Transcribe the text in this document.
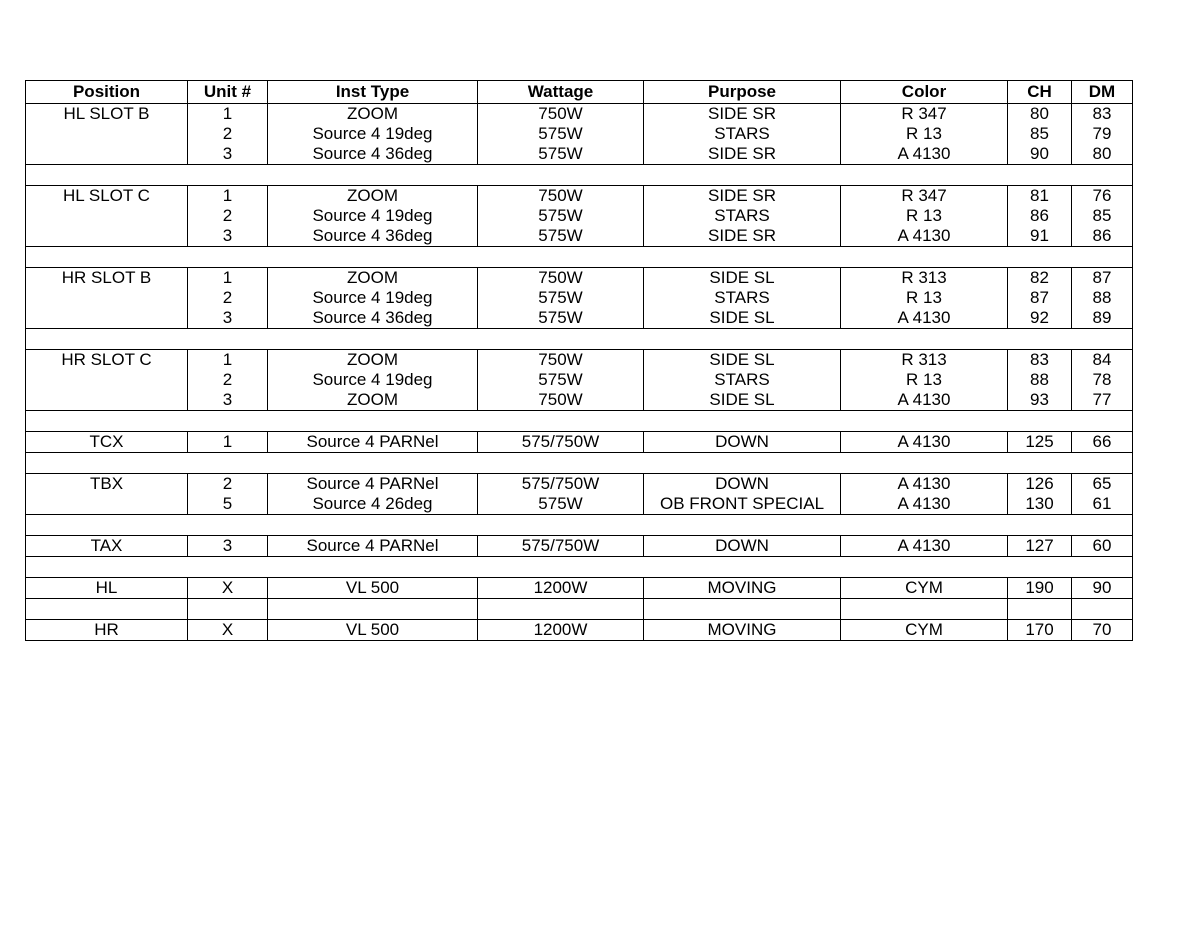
Position	Unit #	Inst Type	Wattage	Purpose	Color	CH	DM
HL SLOT B	1	ZOOM	750W	SIDE SR	R 347	80	83
	2	Source 4 19deg	575W	STARS	R 13	85	79
	3	Source 4 36deg	575W	SIDE SR	A 4130	90	80

HL SLOT C	1	ZOOM	750W	SIDE SR	R 347	81	76
	2	Source 4 19deg	575W	STARS	R 13	86	85
	3	Source 4 36deg	575W	SIDE SR	A 4130	91	86

HR SLOT B	1	ZOOM	750W	SIDE SL	R 313	82	87
	2	Source 4 19deg	575W	STARS	R 13	87	88
	3	Source 4 36deg	575W	SIDE SL	A 4130	92	89

HR SLOT C	1	ZOOM	750W	SIDE SL	R 313	83	84
	2	Source 4 19deg	575W	STARS	R 13	88	78
	3	ZOOM	750W	SIDE SL	A 4130	93	77

TCX	1	Source 4 PARNel	575/750W	DOWN	A 4130	125	66

TBX	2	Source 4 PARNel	575/750W	DOWN	A 4130	126	65
	5	Source 4 26deg	575W	OB FRONT SPECIAL	A 4130	130	61

TAX	3	Source 4 PARNel	575/750W	DOWN	A 4130	127	60

HL	X	VL 500	1200W	MOVING	CYM	190	90

HR	X	VL 500	1200W	MOVING	CYM	170	70
